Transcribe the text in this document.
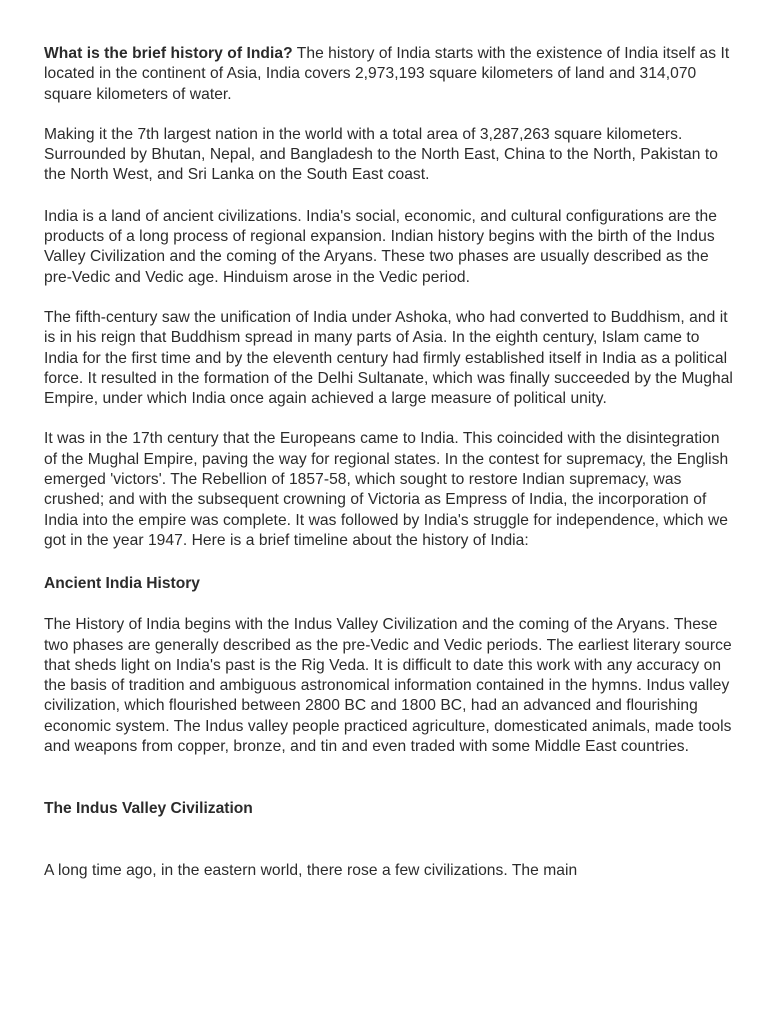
What is the brief history of India? The history of India starts with the existence of India itself as It located in the continent of Asia, India covers 2,973,193 square kilometers of land and 314,070 square kilometers of water.

Making it the 7th largest nation in the world with a total area of 3,287,263 square kilometers. Surrounded by Bhutan, Nepal, and Bangladesh to the North East, China to the North, Pakistan to the North West, and Sri Lanka on the South East coast.

India is a land of ancient civilizations. India's social, economic, and cultural configurations are the products of a long process of regional expansion. Indian history begins with the birth of the Indus Valley Civilization and the coming of the Aryans. These two phases are usually described as the pre-Vedic and Vedic age. Hinduism arose in the Vedic period.

The fifth-century saw the unification of India under Ashoka, who had converted to Buddhism, and it is in his reign that Buddhism spread in many parts of Asia. In the eighth century, Islam came to India for the first time and by the eleventh century had firmly established itself in India as a political force. It resulted in the formation of the Delhi Sultanate, which was finally succeeded by the Mughal Empire, under which India once again achieved a large measure of political unity.

It was in the 17th century that the Europeans came to India. This coincided with the disintegration of the Mughal Empire, paving the way for regional states. In the contest for supremacy, the English emerged 'victors'. The Rebellion of 1857-58, which sought to restore Indian supremacy, was crushed; and with the subsequent crowning of Victoria as Empress of India, the incorporation of India into the empire was complete. It was followed by India's struggle for independence, which we got in the year 1947. Here is a brief timeline about the history of India:

Ancient India History

The History of India begins with the Indus Valley Civilization and the coming of the Aryans. These two phases are generally described as the pre-Vedic and Vedic periods. The earliest literary source that sheds light on India's past is the Rig Veda. It is difficult to date this work with any accuracy on the basis of tradition and ambiguous astronomical information contained in the hymns. Indus valley civilization, which flourished between 2800 BC and 1800 BC, had an advanced and flourishing economic system. The Indus valley people practiced agriculture, domesticated animals, made tools and weapons from copper, bronze, and tin and even traded with some Middle East countries.

The Indus Valley Civilization

A long time ago, in the eastern world, there rose a few civilizations. The main
